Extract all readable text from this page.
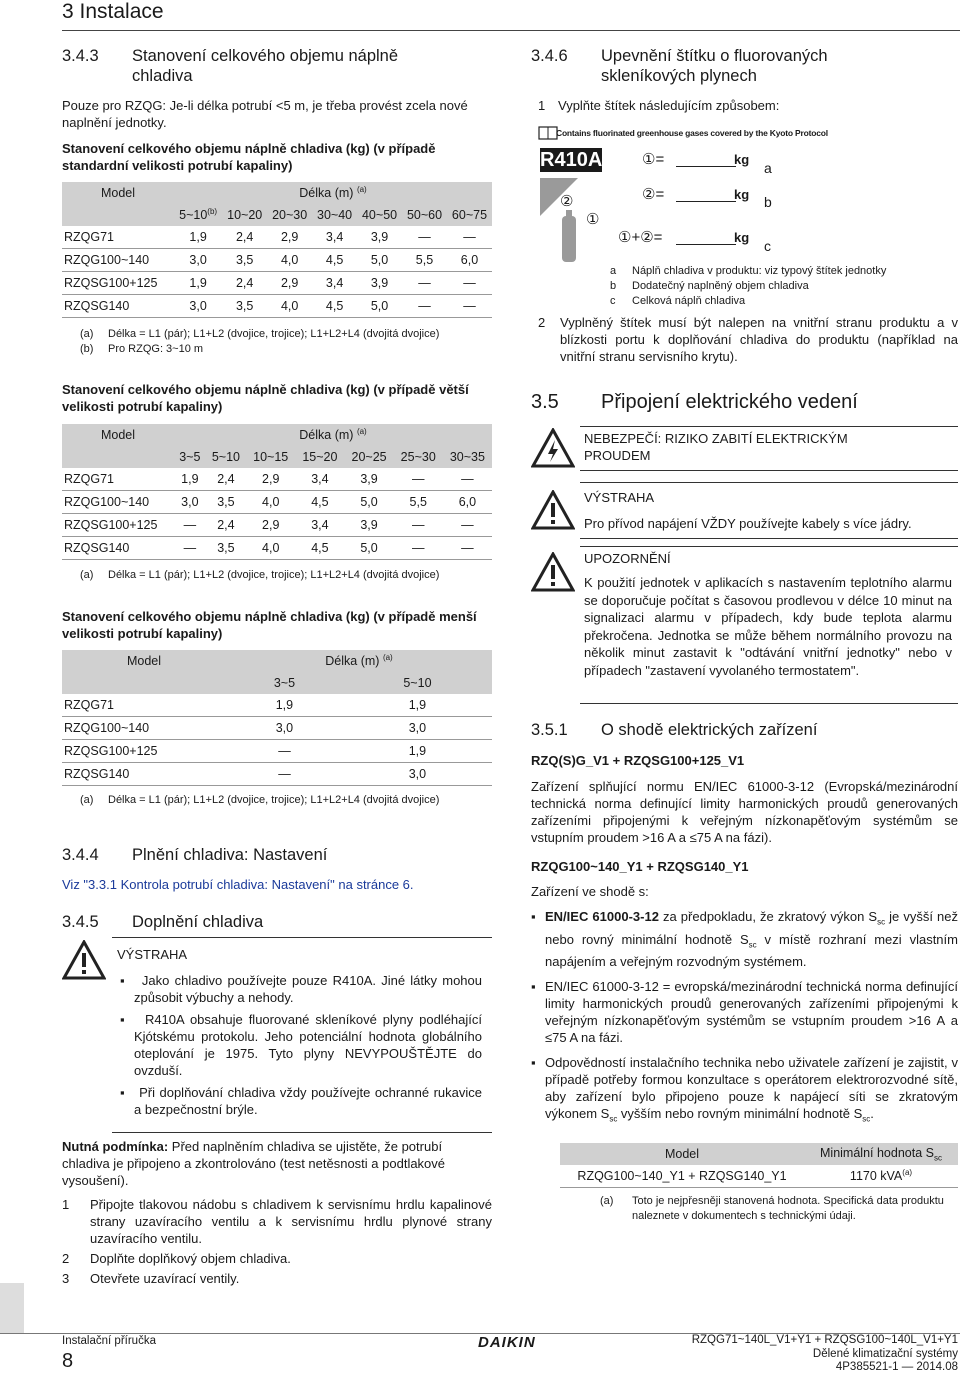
3 Instalace
3.4.3 Stanovení celkového objemu náplně
chladiva

Pouze pro RZQG: Je-li délka potrubí <5 m, je třeba provést zcela nové naplnění jednotky.

Stanovení celkového objemu náplně chladiva (kg) (v případě standardní velikosti potrubí kapaliny)

Model	Délka (m) $^{(a)}$
	5~10$^{(b)}$	10~20	20~30	30~40	40~50	50~60	60~75
RZQG71	1,9	2,4	2,9	3,4	3,9	—	—
RZQG100~140	3,0	3,5	4,0	4,5	5,0	5,5	6,0
RZQSG100+125	1,9	2,4	2,9	3,4	3,9	—	—
RZQSG140	3,0	3,5	4,0	4,5	5,0	—	—
(a) Délka = L1 (pár); L1+L2 (dvojice, trojice); L1+L2+L4 (dvojitá dvojice)
(b) Pro RZQG: 3~10 m

Stanovení celkového objemu náplně chladiva (kg) (v případě větší velikosti potrubí kapaliny)

Model	Délka (m) $^{(a)}$
	3~5	5~10	10~15	15~20	20~25	25~30	30~35
RZQG71	1,9	2,4	2,9	3,4	3,9	—	—
RZQG100~140	3,0	3,5	4,0	4,5	5,0	5,5	6,0
RZQSG100+125	—	2,4	2,9	3,4	3,9	—	—
RZQSG140	—	3,5	4,0	4,5	5,0	—	—
(a) Délka = L1 (pár); L1+L2 (dvojice, trojice); L1+L2+L4 (dvojitá dvojice)

Stanovení celkového objemu náplně chladiva (kg) (v případě menší velikosti potrubí kapaliny)

Model	Délka (m) $^{(a)}$
	3~5	5~10
RZQG71	1,9	1,9
RZQG100~140	3,0	3,0
RZQSG100+125	—	1,9
RZQSG140	—	3,0
(a) Délka = L1 (pár); L1+L2 (dvojice, trojice); L1+L2+L4 (dvojitá dvojice)
3.4.4 Plnění chladiva: Nastavení

Viz "3.3.1 Kontrola potrubí chladiva: Nastavení" na stránce 6.

3.4.5 Doplnění chladiva
VÝSTRAHA
▪   Jako chladivo používejte pouze R410A. Jiné látky mohou způsobit výbuchy a nehody.
▪   R410A obsahuje fluorované skleníkové plyny podléhající Kjótskému protokolu. Jeho potenciální hodnota globálního oteplování je 1975. Tyto plyny NEVYPOUŠTĚJTE do ovzduší.
▪   Při doplňování chladiva vždy používejte ochranné rukavice a bezpečnostní brýle.

Nutná podmínka: Před naplněním chladiva se ujistěte, že potrubí chladiva je připojeno a zkontrolováno (test netěsnosti a podtlakové vysoušení).

1	Připojte tlakovou nádobu s chladivem k servisnímu hrdlu kapalinové strany uzavíracího ventilu a k servisnímu hrdlu plynové strany uzavíracího ventilu.
2	Doplňte doplňkový objem chladiva.
3	Otevřete uzavírací ventily.
3.4.6 Upevnění štítku o fluorovaných
skleníkových plynech
1 Vyplňte štítek následujícím způsobem:
Contains fluorinated greenhouse gases covered by the Kyoto Protocol
R410A
②
①
①=	kg
a
②=	kg b
①+②=	kg
c
a Náplň chladiva v produktu: viz typový štítek jednotky
b Dodatečný naplněný objem chladiva
c Celková náplň chladiva
2	Vyplněný štítek musí být nalepen na vnitřní stranu produktu a v blízkosti portu k doplňování chladiva do produktu (například na vnitřní stranu servisního krytu).
3.5 Připojení elektrického vedení
NEBEZPEČÍ: RIZIKO ZABITÍ ELEKTRICKÝM
PROUDEM
VÝSTRAHA
Pro přívod napájení VŽDY používejte kabely s více jádry.
UPOZORNĚNÍ
K použití jednotek v aplikacích s nastavením teplotního alarmu se doporučuje počítat s časovou prodlevou v délce 10 minut na signalizaci alarmu v případech, kdy bude teplota alarmu překročena. Jednotka se může během normálního provozu na několik minut zastavit k "odtávání vnitřní jednotky" nebo v případech "zastavení vyvolaného termostatem".
3.5.1 O shodě elektrických zařízení

RZQ(S)G_V1 + RZQSG100+125_V1

Zařízení splňující normu EN/IEC 61000-3-12 (Evropská/mezinárodní technická norma definující limity harmonických proudů generovaných zařízeními připojenými k veřejným nízkonapěťovým systémům se vstupním proudem >16 A a ≤75 A na fázi).

RZQG100~140_Y1 + RZQSG140_Y1

Zařízení ve shodě s:

▪ EN/IEC 61000-3-12 za předpokladu, že zkratový výkon $S_{sc}$ je vyšší než nebo rovný minimální hodnotě $S_{sc}$ v místě rozhraní mezi vlastním napájením a veřejným rozvodným systémem.
▪ EN/IEC 61000-3-12 = evropská/mezinárodní technická norma definující limity harmonických proudů generovaných zařízeními připojenými k veřejným nízkonapěťovým systémům se vstupním proudem >16 A a ≤75 A na fázi.
▪ Odpovědností instalačního technika nebo uživatele zařízení je zajistit, v případě potřeby formou konzultace s operátorem elektrorozvodné sítě, aby zařízení bylo připojeno pouze k napájecí síti se zkratovým výkonem $S_{sc}$ vyšším nebo rovným minimální hodnotě $S_{sc}$.
Model	Minimální hodnota $S_{sc}$
RZQG100~140_Y1 + RZQSG140_Y1	1170 kVA$^{(a)}$
(a)	Toto je nejpřesněji stanovená hodnota. Specifická data produktu naleznete v dokumentech s technickými údaji.
Instalační příručka
8
DAIKIN	RZQG71~140L_V1+Y1 + RZQSG100~140L_V1+Y1
Dělené klimatizační systémy
4P385521-1 — 2014.08
